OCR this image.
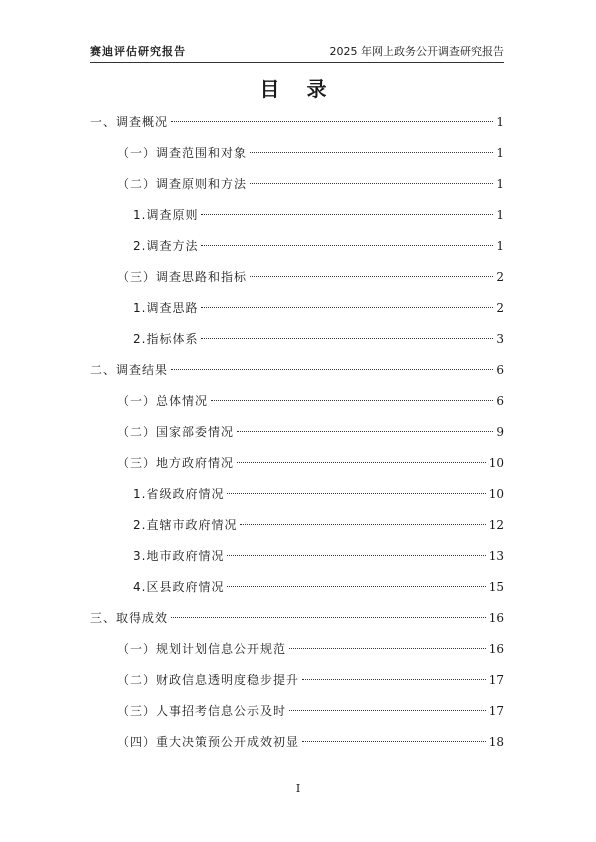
赛迪评估研究报告	2025 年网上政务公开调查研究报告
目 录
一、调查概况	1
（一）调查范围和对象	1
（二）调查原则和方法	1
1.调查原则	1
2.调查方法	1
（三）调查思路和指标	2
1.调查思路	2
2.指标体系	3
二、调查结果	6
（一）总体情况	6
（二）国家部委情况	9
（三）地方政府情况	10
1.省级政府情况	10
2.直辖市政府情况	12
3.地市政府情况	13
4.区县政府情况	15
三、取得成效	16
（一）规划计划信息公开规范	16
（二）财政信息透明度稳步提升	17
（三）人事招考信息公示及时	17
（四）重大决策预公开成效初显	18
I
